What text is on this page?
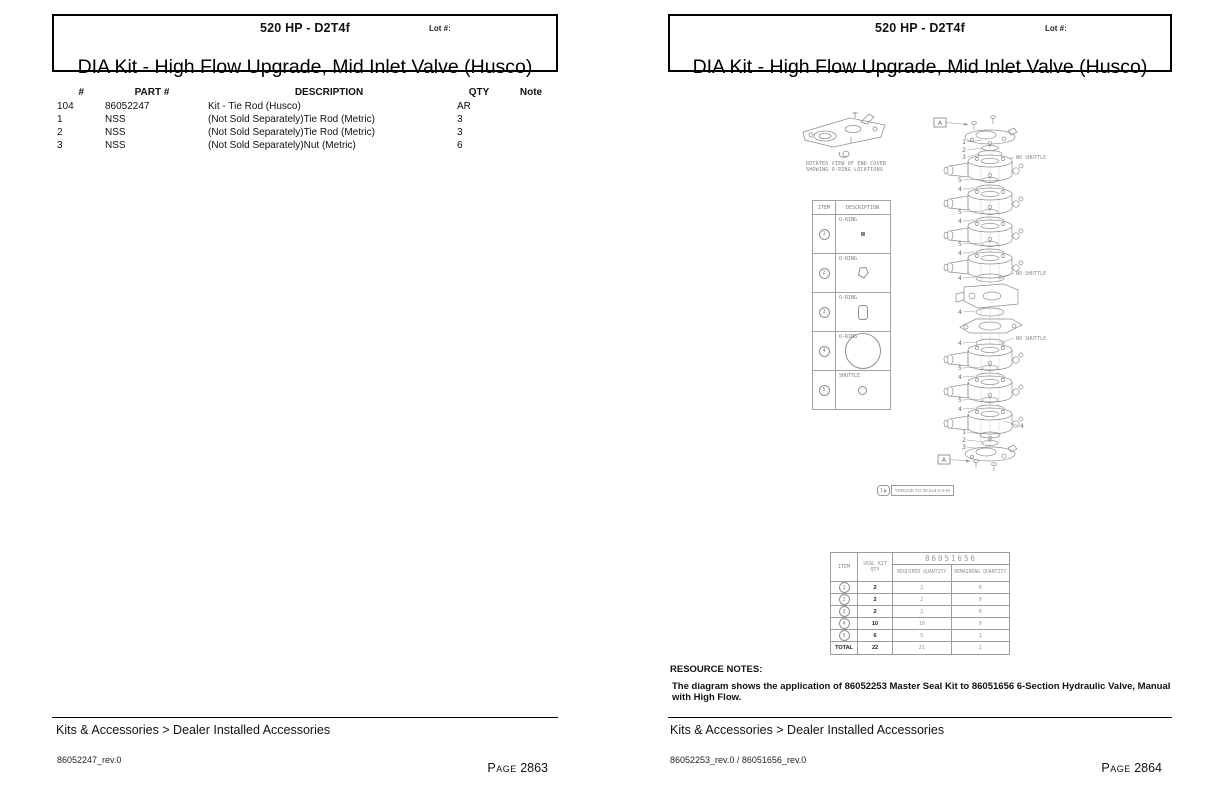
520 HP - D2T4f	Lot #:
DIA Kit - High Flow Upgrade, Mid Inlet Valve (Husco)
#	PART #	DESCRIPTION	QTY	Note
104	86052247	Kit - Tie Rod (Husco)	AR
1	NSS	(Not Sold Separately)Tie Rod (Metric)	3
2	NSS	(Not Sold Separately)Tie Rod (Metric)	3
3	NSS	(Not Sold Separately)Nut (Metric)	6
Kits & Accessories > Dealer Installed Accessories
86052247_rev.0
Page 2863
520 HP - D2T4f	Lot #:
DIA Kit - High Flow Upgrade, Mid Inlet Valve (Husco)
ROTATED VIEW OF END COVER
SHOWING O-RING LOCATIONS
ITEM	DESCRIPTION
1
O-RING
2
O-RING
3
O-RING
4
O-RING
5
SHUTTLE
A
1
2
3	NO SHUTTLE
5
4
5
4
5
4
4
4
4
5
4
5
4
NO SHUTTLE
NO SHUTTLE
4
1
2
3
A
1	TORQUE TO 30.0±3.0 N-M
ITEM	SEAL KIT QTY	86051656	
		REQUIRED QUANTITY	REMAINING QUANTITY
1	2	2	0
2	2	2	0
3	2	2	0
4	10	10	0
5	6	5	1
TOTAL	22	21	1
RESOURCE NOTES:
The diagram shows the application of 86052253 Master Seal Kit to 86051656 6-Section Hydraulic Valve, Manual with High Flow.
Kits & Accessories > Dealer Installed Accessories
86052253_rev.0 / 86051656_rev.0
Page 2864
